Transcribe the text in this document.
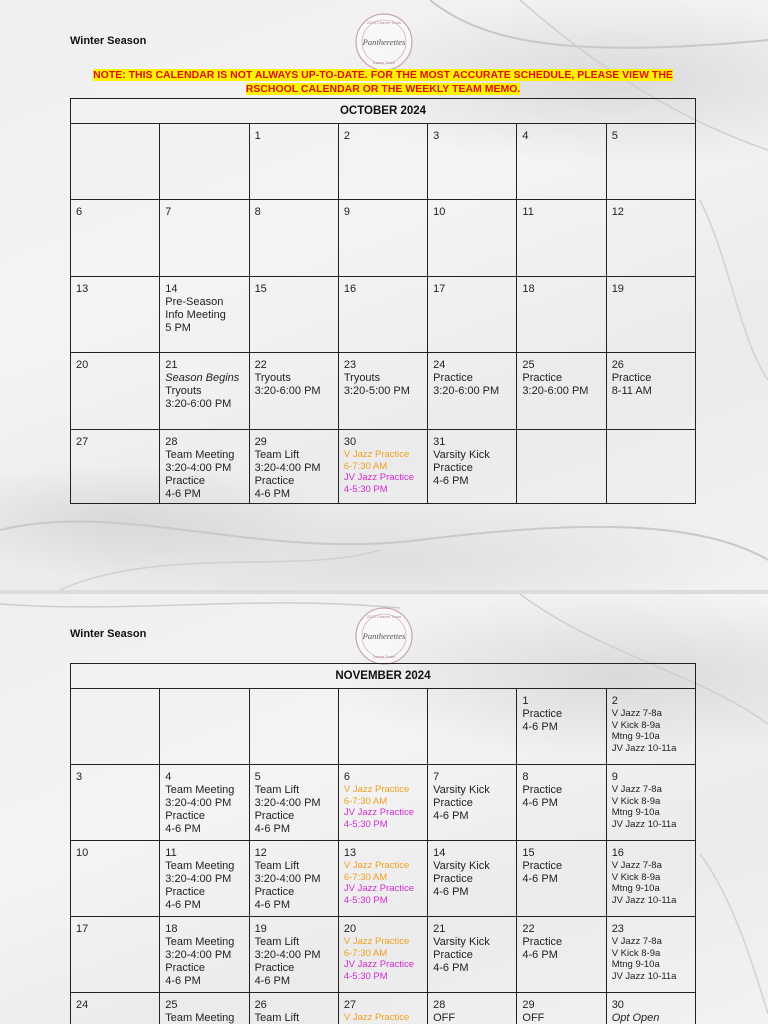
Winter Season
2025 Charter Team
Pantherettes
Dance Team
NOTE: THIS CALENDAR IS NOT ALWAYS UP-TO-DATE. FOR THE MOST ACCURATE SCHEDULE, PLEASE VIEW THE RSCHOOL CALENDAR OR THE WEEKLY TEAM MEMO.
OCTOBER 2024						

		1	2	3	4	5

6	7	8	9	10	11	12

13	14
Pre-Season
Info Meeting
5 PM	15	16	17	18	19

20	21
Season Begins
Tryouts
3:20-6:00 PM	22
Tryouts
3:20-6:00 PM	23
Tryouts
3:20-5:00 PM	24
Practice
3:20-6:00 PM	25
Practice
3:20-6:00 PM	26
Practice
8-11 AM

27	28
Team Meeting
3:20-4:00 PM
Practice
4-6 PM	29
Team Lift
3:20-4:00 PM
Practice
4-6 PM	30
V Jazz Practice
6-7:30 AM
JV Jazz Practice
4-5:30 PM	31
Varsity Kick
Practice
4-6 PM		

Winter Season
2025 Charter Team
Pantherettes
Dance Team
NOVEMBER 2024						

					1
Practice
4-6 PM	2
V Jazz 7-8a
V Kick 8-9a
Mtng 9-10a
JV Jazz 10-11a

3	4
Team Meeting
3:20-4:00 PM
Practice
4-6 PM	5
Team Lift
3:20-4:00 PM
Practice
4-6 PM	6
V Jazz Practice
6-7:30 AM
JV Jazz Practice
4-5:30 PM	7
Varsity Kick
Practice
4-6 PM	8
Practice
4-6 PM	9
V Jazz 7-8a
V Kick 8-9a
Mtng 9-10a
JV Jazz 10-11a

10	11
Team Meeting
3:20-4:00 PM
Practice
4-6 PM	12
Team Lift
3:20-4:00 PM
Practice
4-6 PM	13
V Jazz Practice
6-7:30 AM
JV Jazz Practice
4-5:30 PM	14
Varsity Kick
Practice
4-6 PM	15
Practice
4-6 PM	16
V Jazz 7-8a
V Kick 8-9a
Mtng 9-10a
JV Jazz 10-11a

17	18
Team Meeting
3:20-4:00 PM
Practice
4-6 PM	19
Team Lift
3:20-4:00 PM
Practice
4-6 PM	20
V Jazz Practice
6-7:30 AM
JV Jazz Practice
4-5:30 PM	21
Varsity Kick
Practice
4-6 PM	22
Practice
4-6 PM	23
V Jazz 7-8a
V Kick 8-9a
Mtng 9-10a
JV Jazz 10-11a

24	25
Team Meeting	26
Team Lift	27
V Jazz Practice	28
OFF	29
OFF	30
Opt Open
